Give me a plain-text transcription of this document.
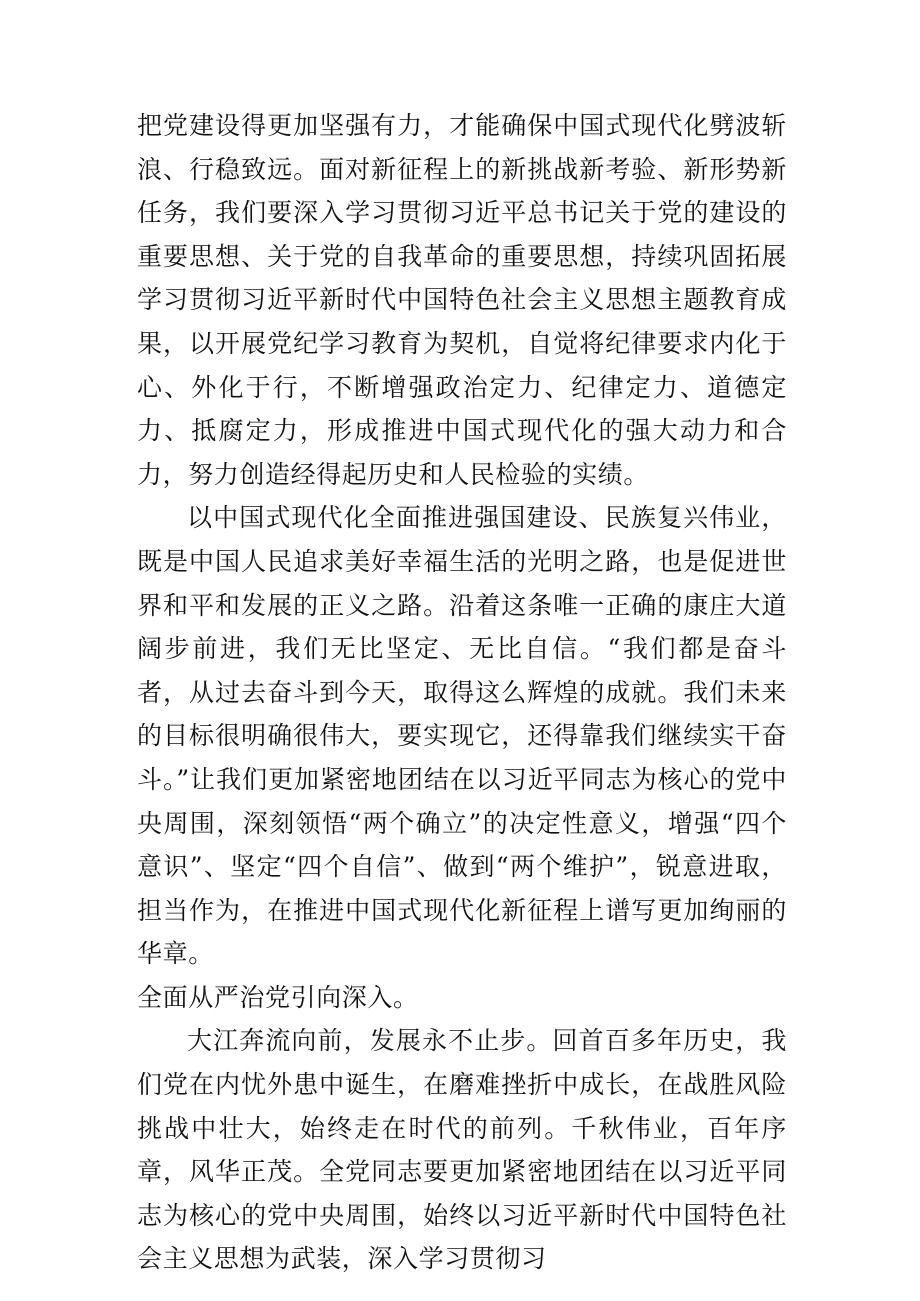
把党建设得更加坚强有力，才能确保中国式现代化劈波斩浪、行稳致远。面对新征程上的新挑战新考验、新形势新任务，我们要深入学习贯彻习近平总书记关于党的建设的重要思想、关于党的自我革命的重要思想，持续巩固拓展学习贯彻习近平新时代中国特色社会主义思想主题教育成果，以开展党纪学习教育为契机，自觉将纪律要求内化于心、外化于行，不断增强政治定力、纪律定力、道德定力、抵腐定力，形成推进中国式现代化的强大动力和合力，努力创造经得起历史和人民检验的实绩。

以中国式现代化全面推进强国建设、民族复兴伟业，既是中国人民追求美好幸福生活的光明之路，也是促进世界和平和发展的正义之路。沿着这条唯一正确的康庄大道阔步前进，我们无比坚定、无比自信。“我们都是奋斗者，从过去奋斗到今天，取得这么辉煌的成就。我们未来的目标很明确很伟大，要实现它，还得靠我们继续实干奋斗。”让我们更加紧密地团结在以习近平同志为核心的党中央周围，深刻领悟“两个确立”的决定性意义，增强“四个意识”、坚定“四个自信”、做到“两个维护”，锐意进取，担当作为，在推进中国式现代化新征程上谱写更加绚丽的华章。

全面从严治党引向深入。

大江奔流向前，发展永不止步。回首百多年历史，我们党在内忧外患中诞生，在磨难挫折中成长，在战胜风险挑战中壮大，始终走在时代的前列。千秋伟业，百年序章，风华正茂。全党同志要更加紧密地团结在以习近平同志为核心的党中央周围，始终以习近平新时代中国特色社会主义思想为武装，深入学习贯彻习
